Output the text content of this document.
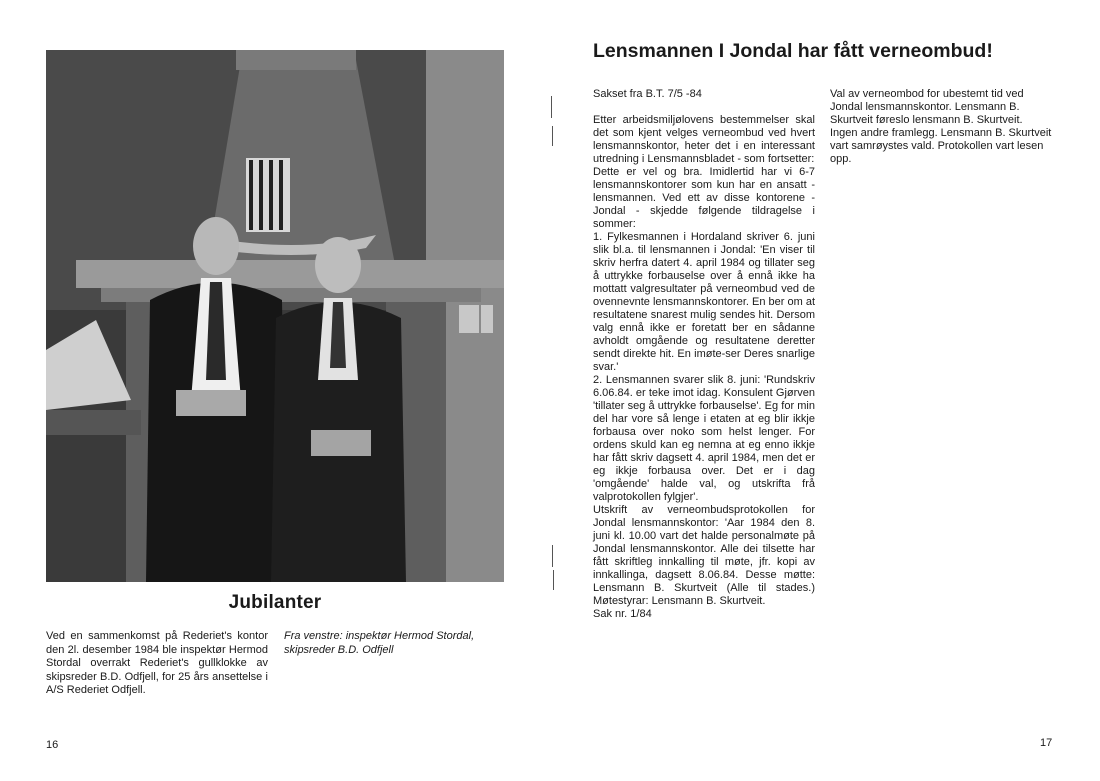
Jubilanter
Ved en sammenkomst på Rederiet's kontor den 2l. desember 1984 ble inspektør Hermod Stordal overrakt Rederiet's gullklokke av skipsreder B.D. Odfjell, for 25 års ansettelse i A/S Rederiet Odfjell.
Fra venstre: inspektør Hermod Stordal, skipsreder B.D. Odfjell
16
Lensmannen I Jondal har fått verneombud!

Sakset fra B.T. 7/5 -84

Etter arbeidsmiljølovens bestemmelser skal det som kjent velges verneombud ved hvert lensmannskontor, heter det i en interessant utredning i Lensmannsbladet - som fortsetter:

Dette er vel og bra. Imidlertid har vi 6-7 lensmannskontorer som kun har en ansatt - lensmannen. Ved ett av disse kontorene - Jondal - skjedde følgende tildragelse i sommer:

1. Fylkesmannen i Hordaland skriver 6. juni slik bl.a. til lensmannen i Jondal: 'En viser til skriv herfra datert 4. april 1984 og tillater seg å uttrykke forbauselse over å ennå ikke ha mottatt valgresultater på verneombud ved de ovennevnte lensmannskontorer. En ber om at resultatene snarest mulig sendes hit. Dersom valg ennå ikke er foretatt ber en sådanne avholdt omgående og resultatene deretter sendt direkte hit. En imøte-ser Deres snarlige svar.'

2. Lensmannen svarer slik 8. juni: 'Rundskriv 6.06.84. er teke imot idag. Konsulent Gjørven 'tillater seg å uttrykke forbauselse'. Eg for min del har vore så lenge i etaten at eg blir ikkje forbausa over noko som helst lenger. For ordens skuld kan eg nemna at eg enno ikkje har fått skriv dagsett 4. april 1984, men det er eg ikkje forbausa over. Det er i dag 'omgående' halde val, og utskrifta frå valprotokollen fylgjer'.

Utskrift av verneombudsprotokollen for Jondal lensmannskontor: 'Aar 1984 den 8. juni kl. 10.00 vart det halde personalmøte på Jondal lensmannskontor. Alle dei tilsette har fått skriftleg innkalling til møte, jfr. kopi av innkallinga, dagsett 8.06.84. Desse møtte: Lensmann B. Skurtveit (Alle til stades.) Møtestyrar: Lensmann B. Skurtveit.

Sak nr. 1/84

Val av verneombod for ubestemt tid ved Jondal lensmannskontor. Lensmann B. Skurtveit føreslo lensmann B. Skurtveit. Ingen andre framlegg. Lensmann B. Skurtveit vart samrøystes vald. Protokollen vart lesen opp.

17
